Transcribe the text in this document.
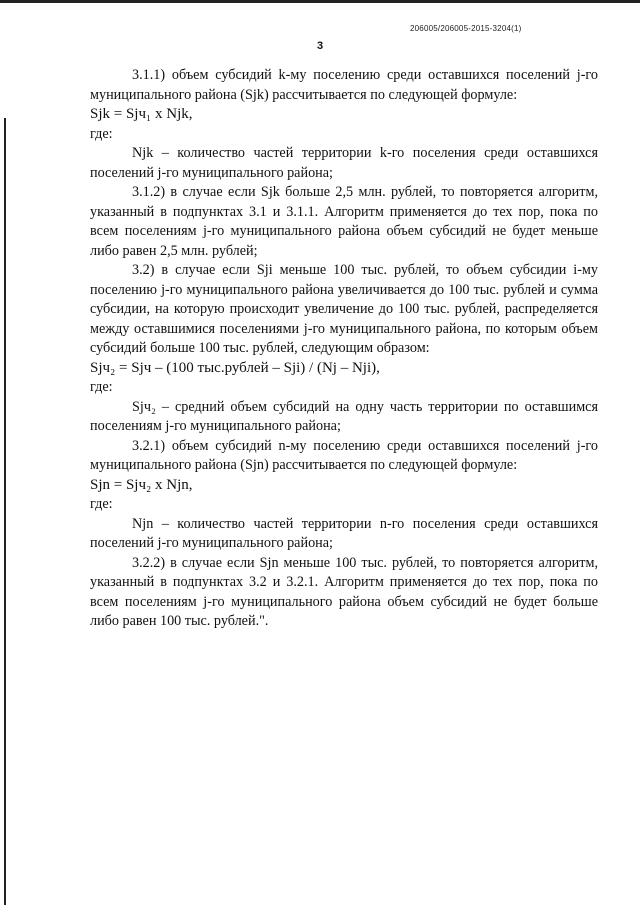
206005/206005-2015-3204(1)
3

3.1.1) объем субсидий k-му поселению среди оставшихся поселений j-го муниципального района (Sjk) рассчитывается по следующей формуле:

Sjk = Sjч₁ x Njk,

где:

Njk – количество частей территории k-го поселения среди оставшихся поселений j-го муниципального района;

3.1.2) в случае если Sjk больше 2,5 млн. рублей, то повторяется алгоритм, указанный в подпунктах 3.1 и 3.1.1. Алгоритм применяется до тех пор, пока по всем поселениям j-го муниципального района объем субсидий не будет меньше либо равен 2,5 млн. рублей;

3.2) в случае если Sji меньше 100 тыс. рублей, то объем субсидии i-му поселению j-го муниципального района увеличивается до 100 тыс. рублей и сумма субсидии, на которую происходит увеличение до 100 тыс. рублей, распределяется между оставшимися поселениями j-го муниципального района, по которым объем субсидий больше 100 тыс. рублей, следующим образом:

Sjч₂ = Sjч – (100 тыс.рублей – Sji) / (Nj – Nji),

где:

Sjч₂ – средний объем субсидий на одну часть территории по оставшимся поселениям j-го муниципального района;

3.2.1) объем субсидий n-му поселению среди оставшихся поселений j-го муниципального района (Sjn) рассчитывается по следующей формуле:

Sjn = Sjч₂ x Njn,

где:

Njn – количество частей территории n-го поселения среди оставшихся поселений j-го муниципального района;

3.2.2) в случае если Sjn меньше 100 тыс. рублей, то повторяется алгоритм, указанный в подпунктах 3.2 и 3.2.1. Алгоритм применяется до тех пор, пока по всем поселениям j-го муниципального района объем субсидий не будет больше либо равен 100 тыс. рублей.".
